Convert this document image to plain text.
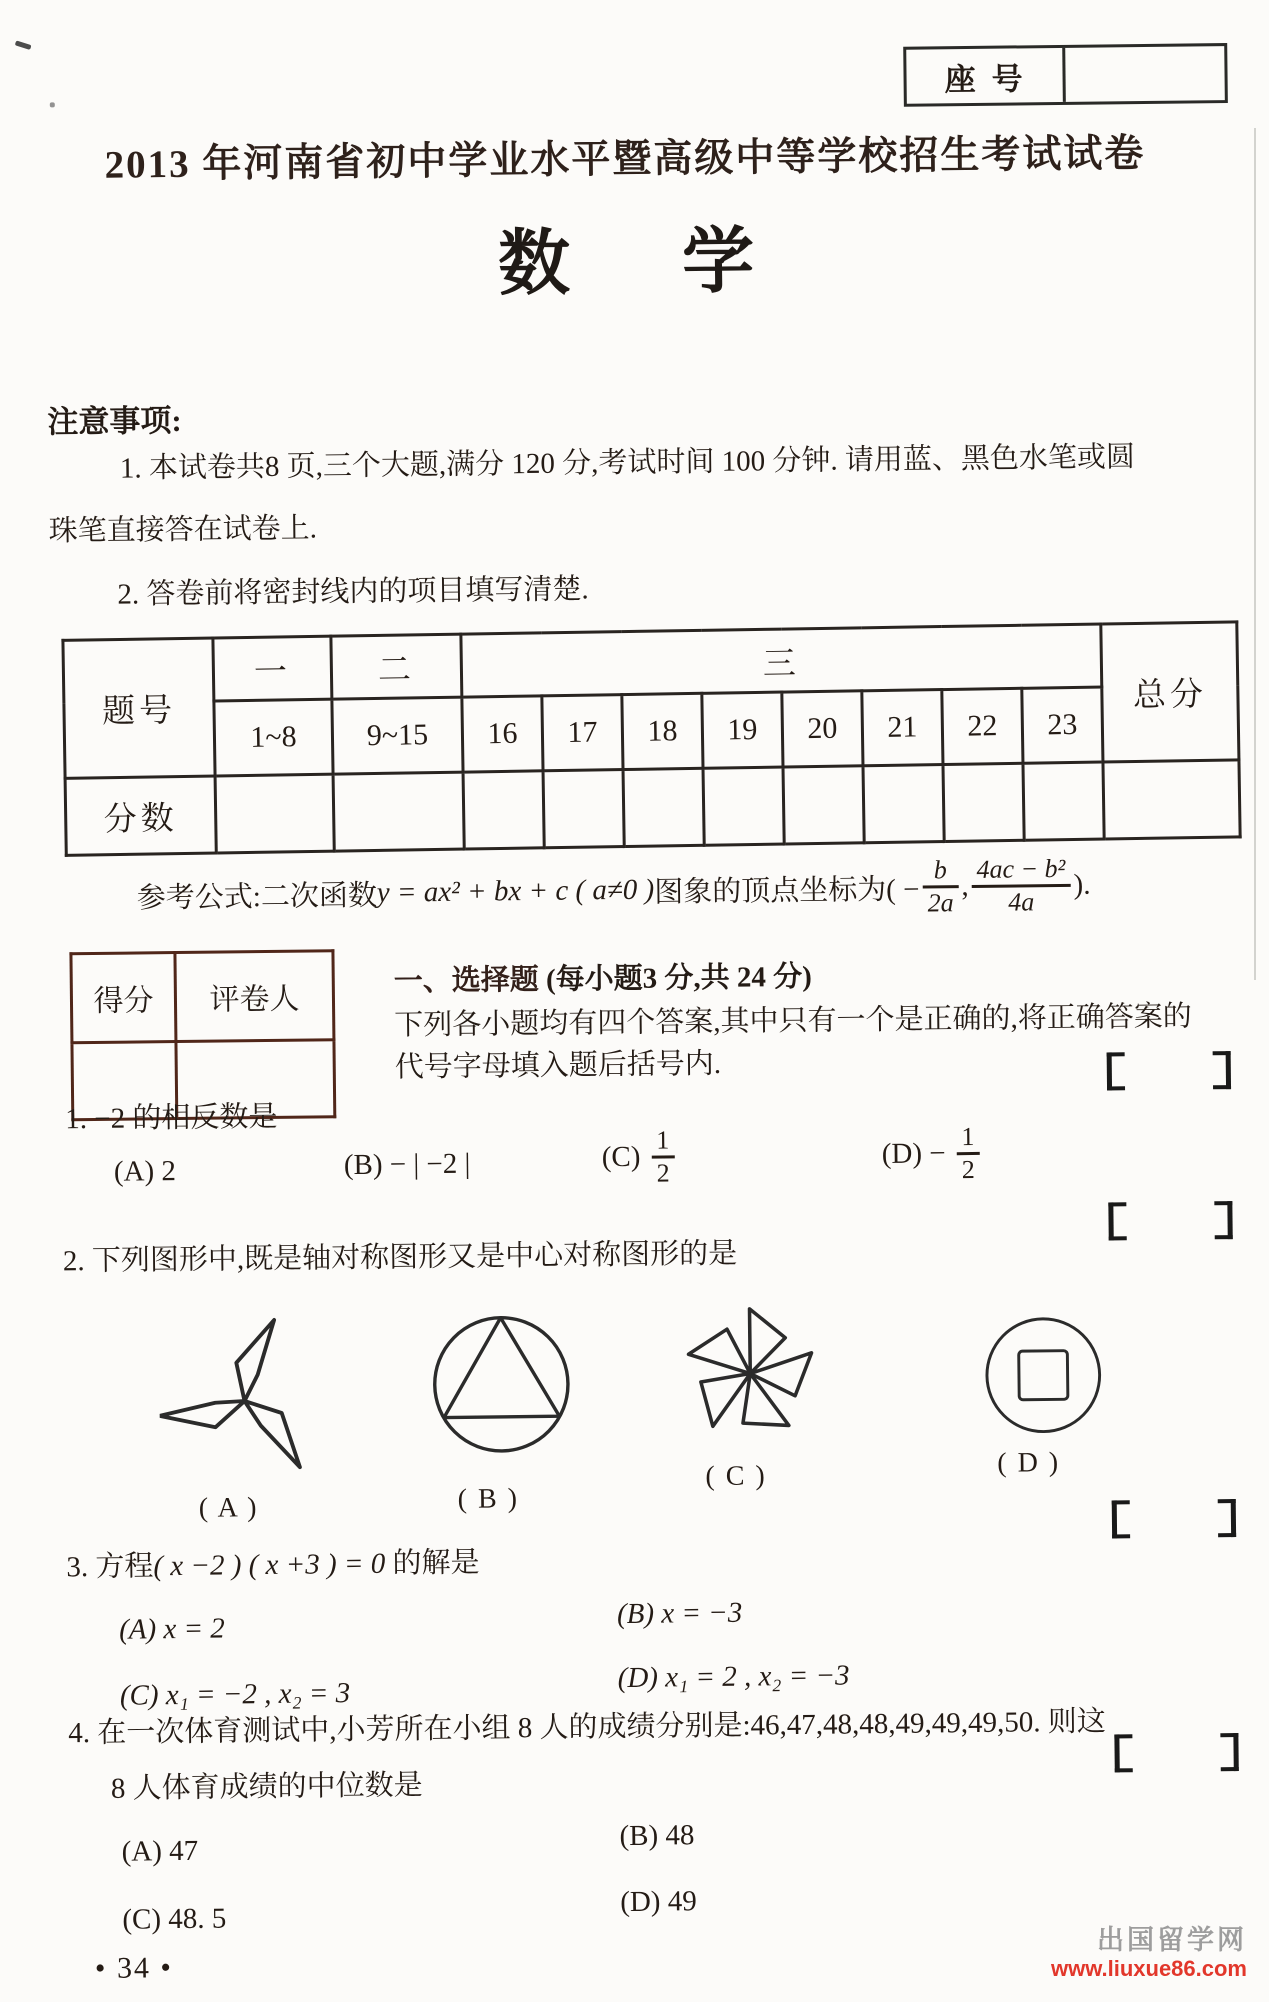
座号
2013 年河南省初中学业水平暨高级中等学校招生考试试卷
数 学
注意事项:
1. 本试卷共8 页,三个大题,满分 120 分,考试时间 100 分钟. 请用蓝、黑色水笔或圆
珠笔直接答在试卷上.
2. 答卷前将密封线内的项目填写清楚.
题号	一	二	三								总分
	1~8	9~15	16	17	18	19	20	21	22	23	
分数											
参考公式:二次函数 y = ax² + bx + c ( a≠0 ) 图象的顶点坐标为( − $\frac{b}{2a}$ , $\frac{\text{4ac − b²}}{4a}$ ).
得分	评卷人

一、选择题 (每小题3 分,共 24 分)
下列各小题均有四个答案,其中只有一个是正确的,将正确答案的
代号字母填入题后括号内.
1. −2 的相反数是
(A) 2	(B) − | −2 |	$(C) \frac{1}{2}$	$(D) - \frac{1}{2}$
2. 下列图形中,既是轴对称图形又是中心对称图形的是
( A )	( B )
( C )	( D )
3. 方程( x −2 ) ( x +3 ) = 0 的解是
(A) x = 2	(B) x = −3
(C) x₁ = −2 , x₂ = 3
(D) x₁ = 2 , x₂ = −3
4. 在一次体育测试中,小芳所在小组 8 人的成绩分别是:46,47,48,48,49,49,49,50. 则这
8 人体育成绩的中位数是
(A) 47	(B) 48
(C) 48. 5
(D) 49
• 34 •
出国留学网
www.liuxue86.com
